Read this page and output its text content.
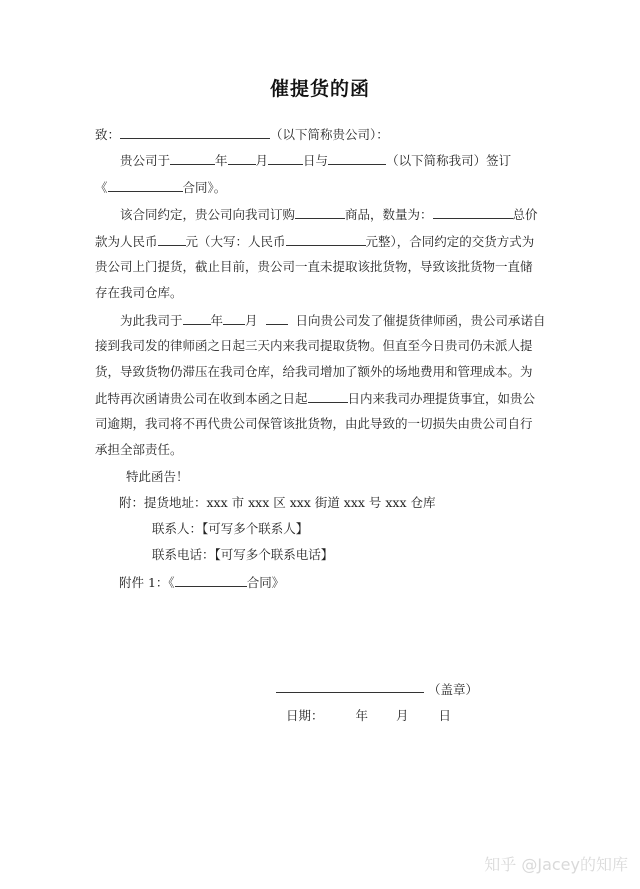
催提货的函
致：	（以下简称贵公司）：
贵公司于	年 月	日与	（以下简称我司）签订
《	合同》。
该合同约定，贵公司向我司订购	商品，数量为：	总价
款为人民币 元（大写：人民币	元整），合同约定的交货方式为
贵公司上门提货，截止目前，贵公司一直未提取该批货物，导致该批货物一直储
存在我司仓库。
为此我司于 年 月	日向贵公司发了催提货律师函，贵公司承诺自
接到我司发的律师函之日起三天内来我司提取货物。但直至今日贵司仍未派人提
货，导致货物仍滞压在我司仓库，给我司增加了额外的场地费用和管理成本。为
此特再次函请贵公司在收到本函之日起	日内来我司办理提货事宜，如贵公
司逾期，我司将不再代贵公司保管该批货物，由此导致的一切损失由贵公司自行
承担全部责任。
特此函告！
附：提货地址：xxx 市 xxx 区 xxx 街道 xxx 号 xxx 仓库
联系人：【可写多个联系人】
联系电话：【可写多个联系电话】
附件 1：《	合同》
（盖章）
日期：	年 月 日
知乎 @Jacey的知库
